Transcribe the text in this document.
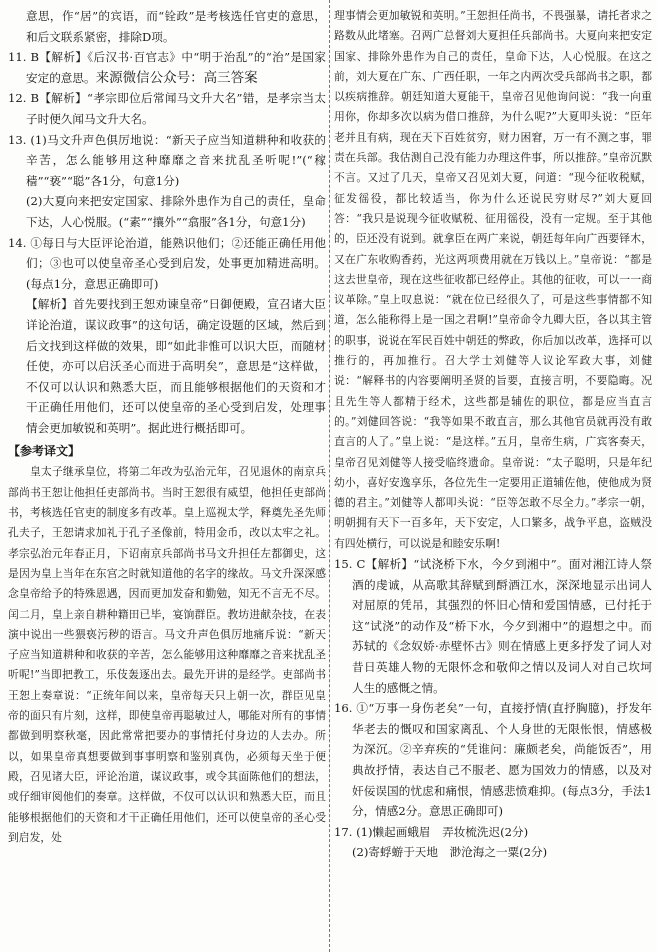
意思，作“居”的宾语，而“铨政”是考核选任官吏的意思，和后文联系紧密，排除D项。

11. B【解析】《后汉书·百官志》中“明于治乱”的“治”是国家安定的意思。来源微信公众号：高三答案

12. B【解析】“孝宗即位后常闻马文升大名”错，是孝宗当太子时便久闻马文升大名。

13. (1)马文升声色俱厉地说：“新天子应当知道耕种和收获的辛苦，怎么能够用这种靡靡之音来扰乱圣听呢!”(“稼穑”“亵”“聪”各1分，句意1分)

(2)大夏向来把安定国家、排除外患作为自己的责任，皇命下达，人心悦服。(“素”“攘外”“翕服”各1分，句意1分)

14. ①每日与大臣评论治道，能熟识他们；②还能正确任用他们；③也可以使皇帝圣心受到启发，处事更加精进高明。(每点1分，意思正确即可)

【解析】首先要找到王恕劝谏皇帝“日御便殿，宣召诸大臣详论治道，谋议政事”的这句话，确定设题的区域，然后到后文找到这样做的效果，即“如此非惟可以识大臣，而随材任使，亦可以启沃圣心而进于高明矣”，意思是“这样做，不仅可以认识和熟悉大臣，而且能够根据他们的天资和才干正确任用他们，还可以使皇帝的圣心受到启发，处理事情会更加敏锐和英明”。据此进行概括即可。

【参考译文】

皇太子继承皇位，将第二年改为弘治元年，召见退休的南京兵部尚书王恕让他担任吏部尚书。当时王恕很有威望，他担任吏部尚书，考核选任官吏的制度多有改革。皇上巡视太学，释奠先圣先师孔夫子，王恕请求加礼于孔子圣像前，特用金币，改以太牢之礼。孝宗弘治元年春正月，下诏南京兵部尚书马文升担任左都御史，这是因为皇上当年在东宫之时就知道他的名字的缘故。马文升深深感念皇帝给予的特殊恩遇，因而更加发奋和勤勉，知无不言无不尽。闰二月，皇上亲自耕种籍田已毕，宴饷群臣。教坊进献杂技，在表演中说出一些猥亵污秽的语言。马文升声色俱厉地痛斥说：“新天子应当知道耕种和收获的辛苦，怎么能够用这种靡靡之音来扰乱圣听呢!”当即把教工，乐伎轰逐出去。最先开讲的是经学。吏部尚书王恕上奏章说：“正统年间以来，皇帝每天只上朝一次，群臣见皇帝的面只有片刻，这样，即使皇帝再聪敏过人，哪能对所有的事情都做到明察秋毫，因此常常把要办的事情托付身边的人去办。所以，如果皇帝真想要做到事事明察和鉴别真伪，必须每天坐于便殿，召见诸大臣，评论治道，谋议政事，或令其面陈他们的想法，或仔细审阅他们的奏章。这样做，不仅可以认识和熟悉大臣，而且能够根据他们的天资和才干正确任用他们，还可以使皇帝的圣心受到启发，处

理事情会更加敏锐和英明。”王恕担任尚书，不畏强暴，请托者求之路数从此堵塞。召两广总督刘大夏担任兵部尚书。大夏向来把安定国家、排除外患作为自己的责任，皇命下达，人心悦服。在这之前，刘大夏在广东、广西任职，一年之内两次受兵部尚书之职，都以疾病推辞。朝廷知道大夏能干，皇帝召见他询问说：“我一向重用你，你却多次以病为借口推辞，为什么呢?”大夏叩头说：“臣年老并且有病，现在天下百姓贫穷，财力困窘，万一有不测之事，罪责在兵部。我估测自己没有能力办理这件事，所以推辞。”皇帝沉默不言。又过了几天，皇帝又召见刘大夏，问道：“现今征收税赋，征发徭役，都比较适当，你为什么还说民穷财尽?”刘大夏回答：“我只是说现今征收赋税、征用徭役，没有一定规。至于其他的，臣还没有说到。就拿臣在两广来说，朝廷每年向广西要铎木，又在广东收购香药，光这两项费用就在万钱以上。”皇帝说：“都是这去世皇帝，现在这些征收都已经停止。其他的征收，可以一一商议革除。”皇上叹息说：“就在位已经很久了，可是这些事情都不知道，怎么能称得上是一国之君啊!”皇帝命令九卿大臣，各以其主管的职事，说说在军民百姓中朝廷的弊政，你后加以改革，选择可以推行的，再加推行。召大学士刘健等人议论军政大事，刘健说：“解释书的内容要阐明圣贤的旨要，直接言明，不要隐晦。况且先生等人都精于经术，这些都是辅佐的职位，都是应当直言的。”刘健回答说：“我等如果不敢直言，那么其他官员就再没有敢直言的人了。”皇上说：“是这样。”五月，皇帝生病，广宾客奏天，皇帝召见刘健等人接受临终遗命。皇帝说：“太子聪明，只是年纪幼小，喜好安逸享乐，各位先生一定要用正道辅佐他，使他成为贤德的君主。”刘健等人都叩头说：“臣等怎敢不尽全力。”孝宗一朝，明朝拥有天下一百多年，天下安定，人口繁多，战争平息，盗贼没有四处横行，可以说是和睦安乐啊!

15. C【解析】“试浇桥下水，今夕到湘中”。面对湘江诗人祭酒的虔诚，从高歌其辞赋到酹酒江水，深深地显示出词人对屈原的凭吊，其强烈的怀旧心情和爱国情感，已付托于这“试浇”的动作及“桥下水，今夕到湘中”的遐想之中。而苏轼的《念奴娇·赤壁怀古》则在情感上更多抒发了词人对昔日英雄人物的无限怀念和敬仰之情以及词人对自己坎坷人生的感慨之情。

16. ①“万事一身伤老矣”一句，直接抒情(直抒胸臆)，抒发年华老去的慨叹和国家离乱、个人身世的无限怅恨，情感极为深沉。②辛弃疾的“凭谁问：廉颇老矣，尚能饭否”，用典故抒情，表达自己不服老、愿为国效力的情感，以及对奸佞误国的忧虑和痛恨，情感悲愤难抑。(每点3分，手法1分，情感2分。意思正确即可)

17. (1)懒起画蛾眉　弄妆梳洗迟(2分)

(2)寄蜉蝣于天地　渺沧海之一粟(2分)
